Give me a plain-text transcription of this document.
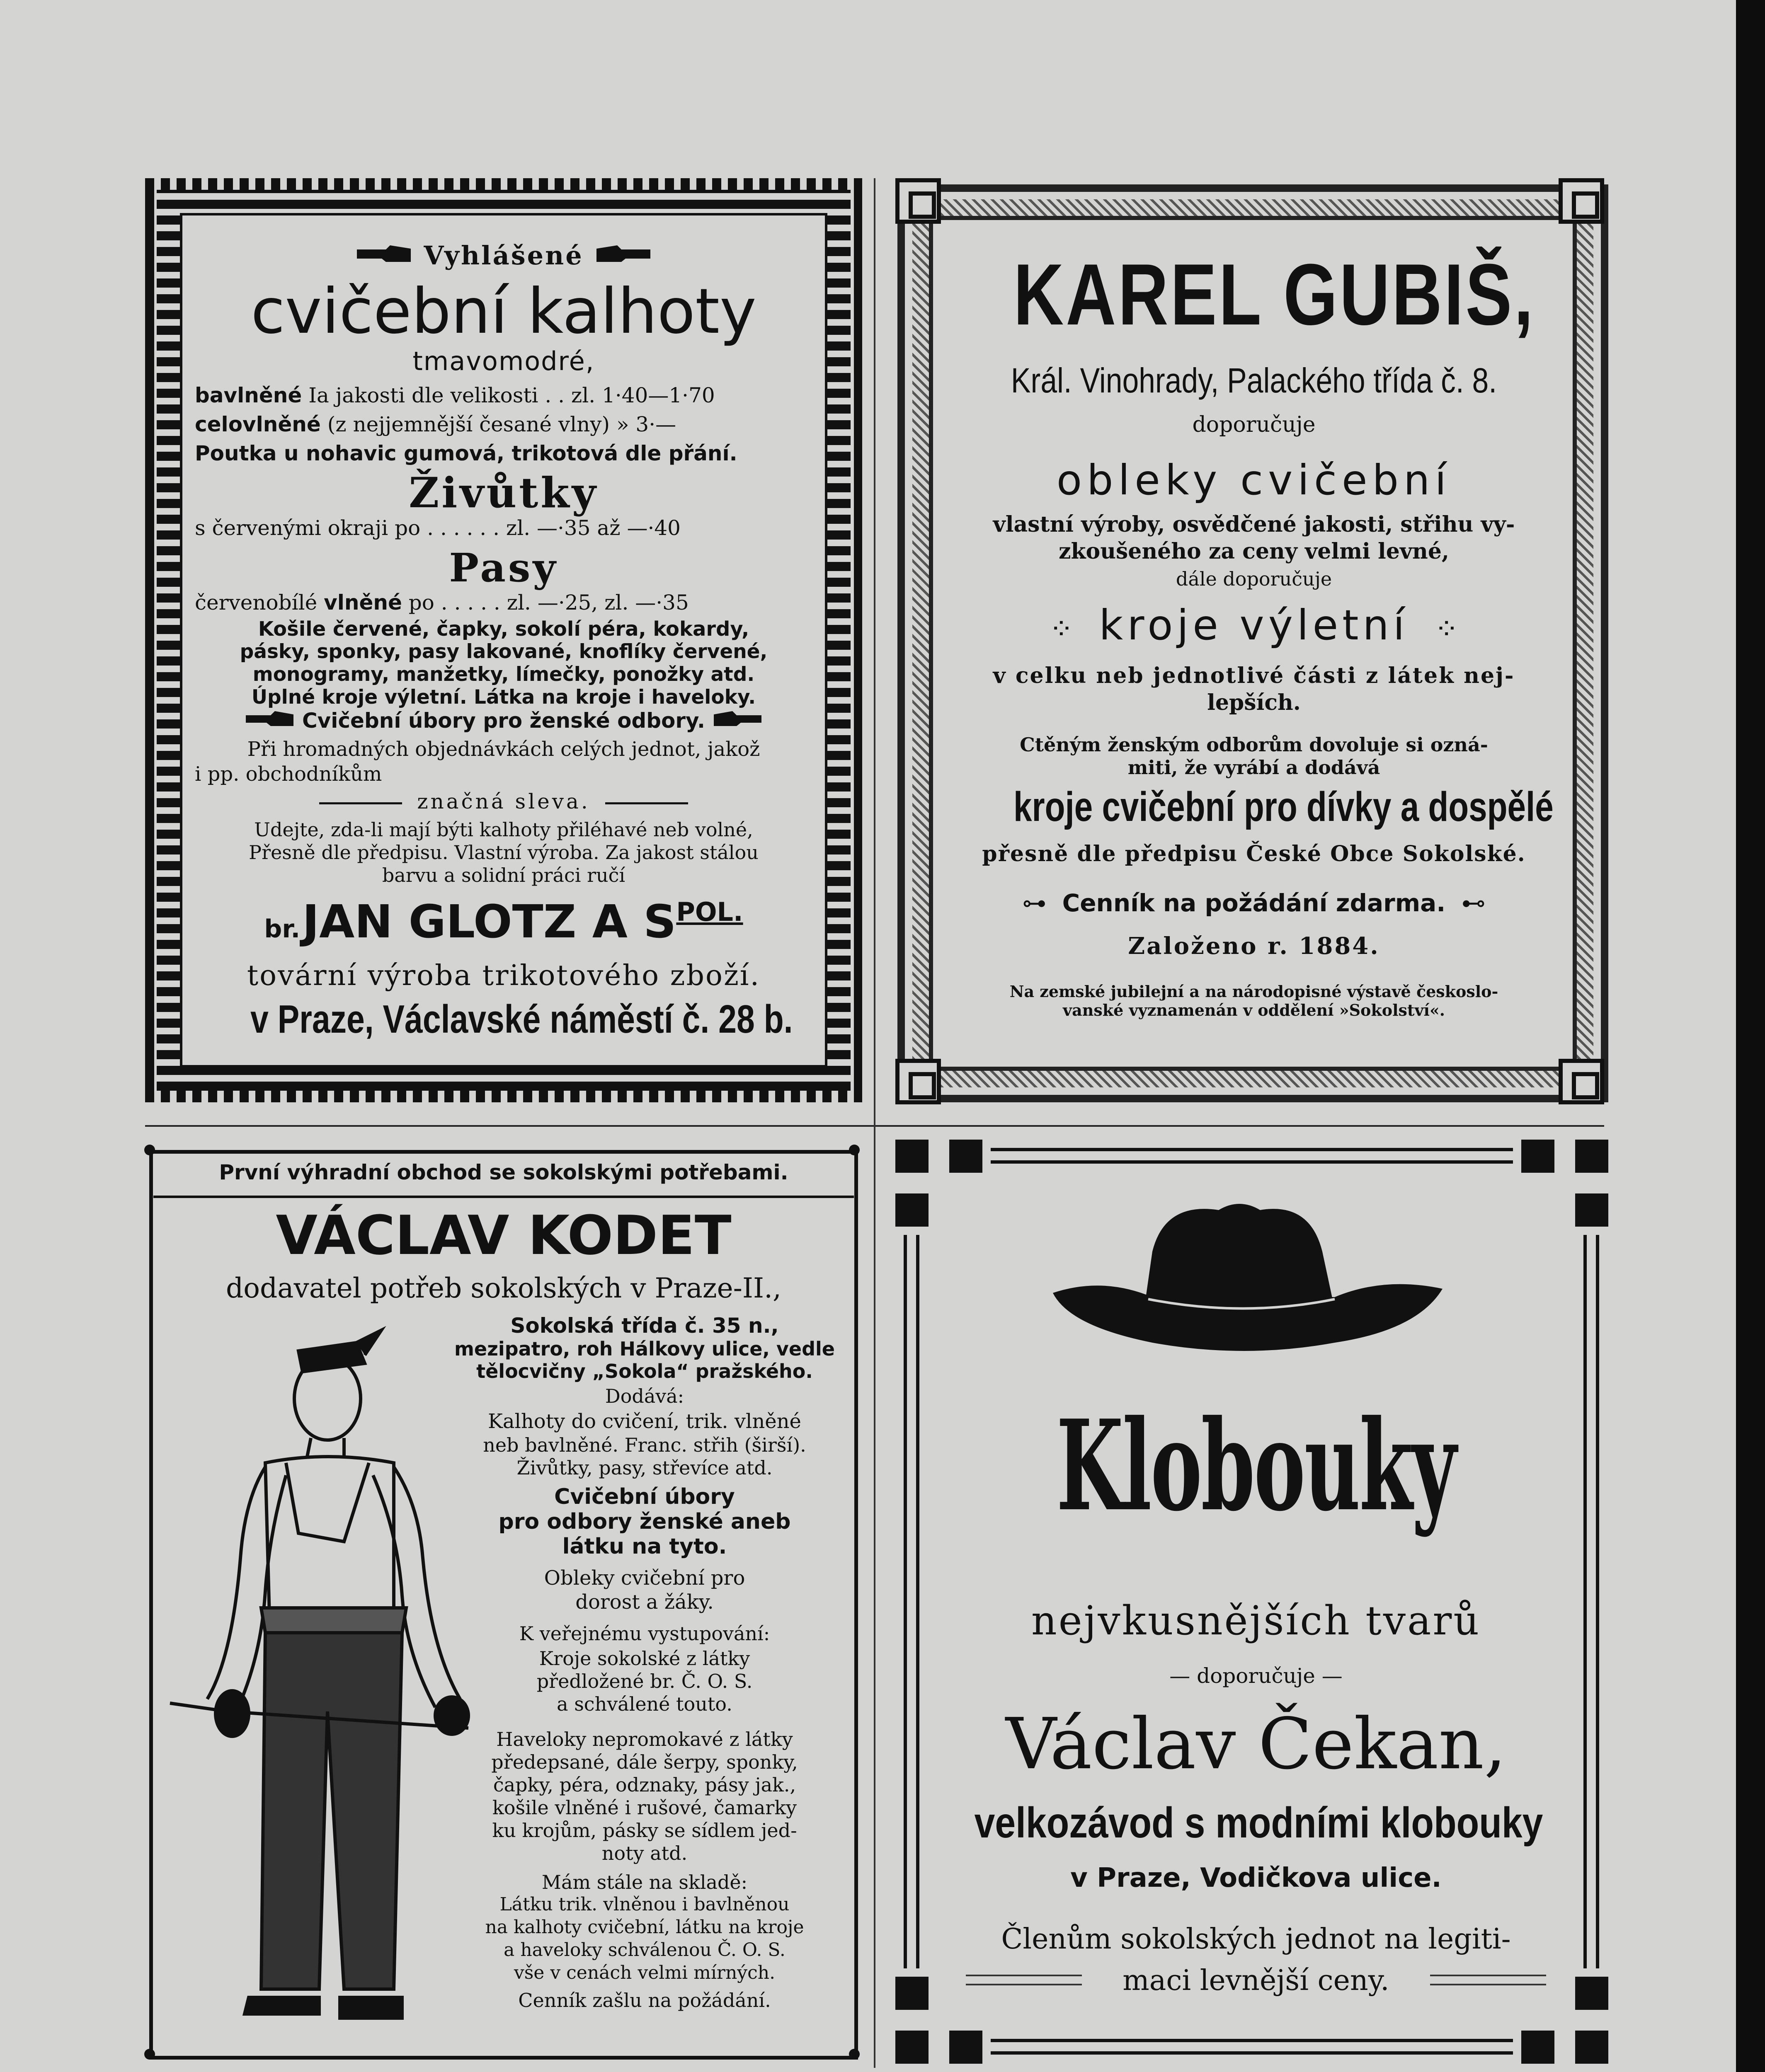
Vyhlášené
cvičební kalhoty
tmavomodré,
bavlněné Ia jakosti dle velikosti . . zl. 1·40—1·70
celovlněné (z nejjemnější česané vlny) » 3·—
Poutka u nohavic gumová, trikotová dle přání.
Živůtky
s červenými okraji po . . . . . . zl. —·35 až —·40
Pasy
červenobílé vlněné po . . . . . zl. —·25, zl. —·35
Košile červené, čapky, sokolí péra, kokardy,
pásky, sponky, pasy lakované, knoflíky červené,
monogramy, manžetky, límečky, ponožky atd.
Úplné kroje výletní. Látka na kroje i haveloky.
Cvičební úbory pro ženské odbory.
Při hromadných objednávkách celých jednot, jakož
i pp. obchodníkům
značná sleva.
Udejte, zda-li mají býti kalhoty přiléhavé neb volné,
Přesně dle předpisu. Vlastní výroba. Za jakost stálou
barvu a solidní práci ručí
br. JAN GLOTZ A SPOL.
tovární výroba trikotového zboží.
v Praze, Václavské náměstí č. 28 b.
KAREL GUBIŠ,
Král. Vinohrady, Palackého třída č. 8.
doporučuje
obleky cvičební
vlastní výroby, osvědčené jakosti, střihu vy-
zkoušeného za ceny velmi levné,
dále doporučuje
⁘ kroje výletní ⁘
v celku neb jednotlivé části z látek nej-
lepších.
Ctěným ženským odborům dovoluje si ozná-
miti, že vyrábí a dodává
kroje cvičební pro dívky a dospělé
přesně dle předpisu České Obce Sokolské.
⊶ Cenník na požádání zdarma. ⊷
Založeno r. 1884.
Na zemské jubilejní a na národopisné výstavě českoslo-
vanské vyznamenán v oddělení »Sokolství«.
První výhradní obchod se sokolskými potřebami.
VÁCLAV KODET
dodavatel potřeb sokolských v Praze-II.,
Sokolská třída č. 35 n.,
mezipatro, roh Hálkovy ulice, vedle
tělocvičny „Sokola“ pražského.
Dodává:
Kalhoty do cvičení, trik. vlněné
neb bavlněné. Franc. střih (širší).
Živůtky, pasy, střevíce atd.
Cvičební úbory
pro odbory ženské aneb
látku na tyto.
Obleky cvičební pro
dorost a žáky.
K veřejnému vystupování:
Kroje sokolské z látky
předložené br. Č. O. S.
a schválené touto.
Haveloky nepromokavé z látky
předepsané, dále šerpy, sponky,
čapky, péra, odznaky, pásy jak.,
košile vlněné i rušové, čamarky
ku krojům, pásky se sídlem jed-
noty atd.
Mám stále na skladě:
Látku trik. vlněnou i bavlněnou
na kalhoty cvičební, látku na kroje
a haveloky schválenou Č. O. S.
vše v cenách velmi mírných.
Cenník zašlu na požádání.
Klobouky
nejvkusnějších tvarů
— doporučuje —
Václav Čekan,
velkozávod s modními klobouky
v Praze, Vodičkova ulice.
Členům sokolských jednot na legiti-
maci levnější ceny.
